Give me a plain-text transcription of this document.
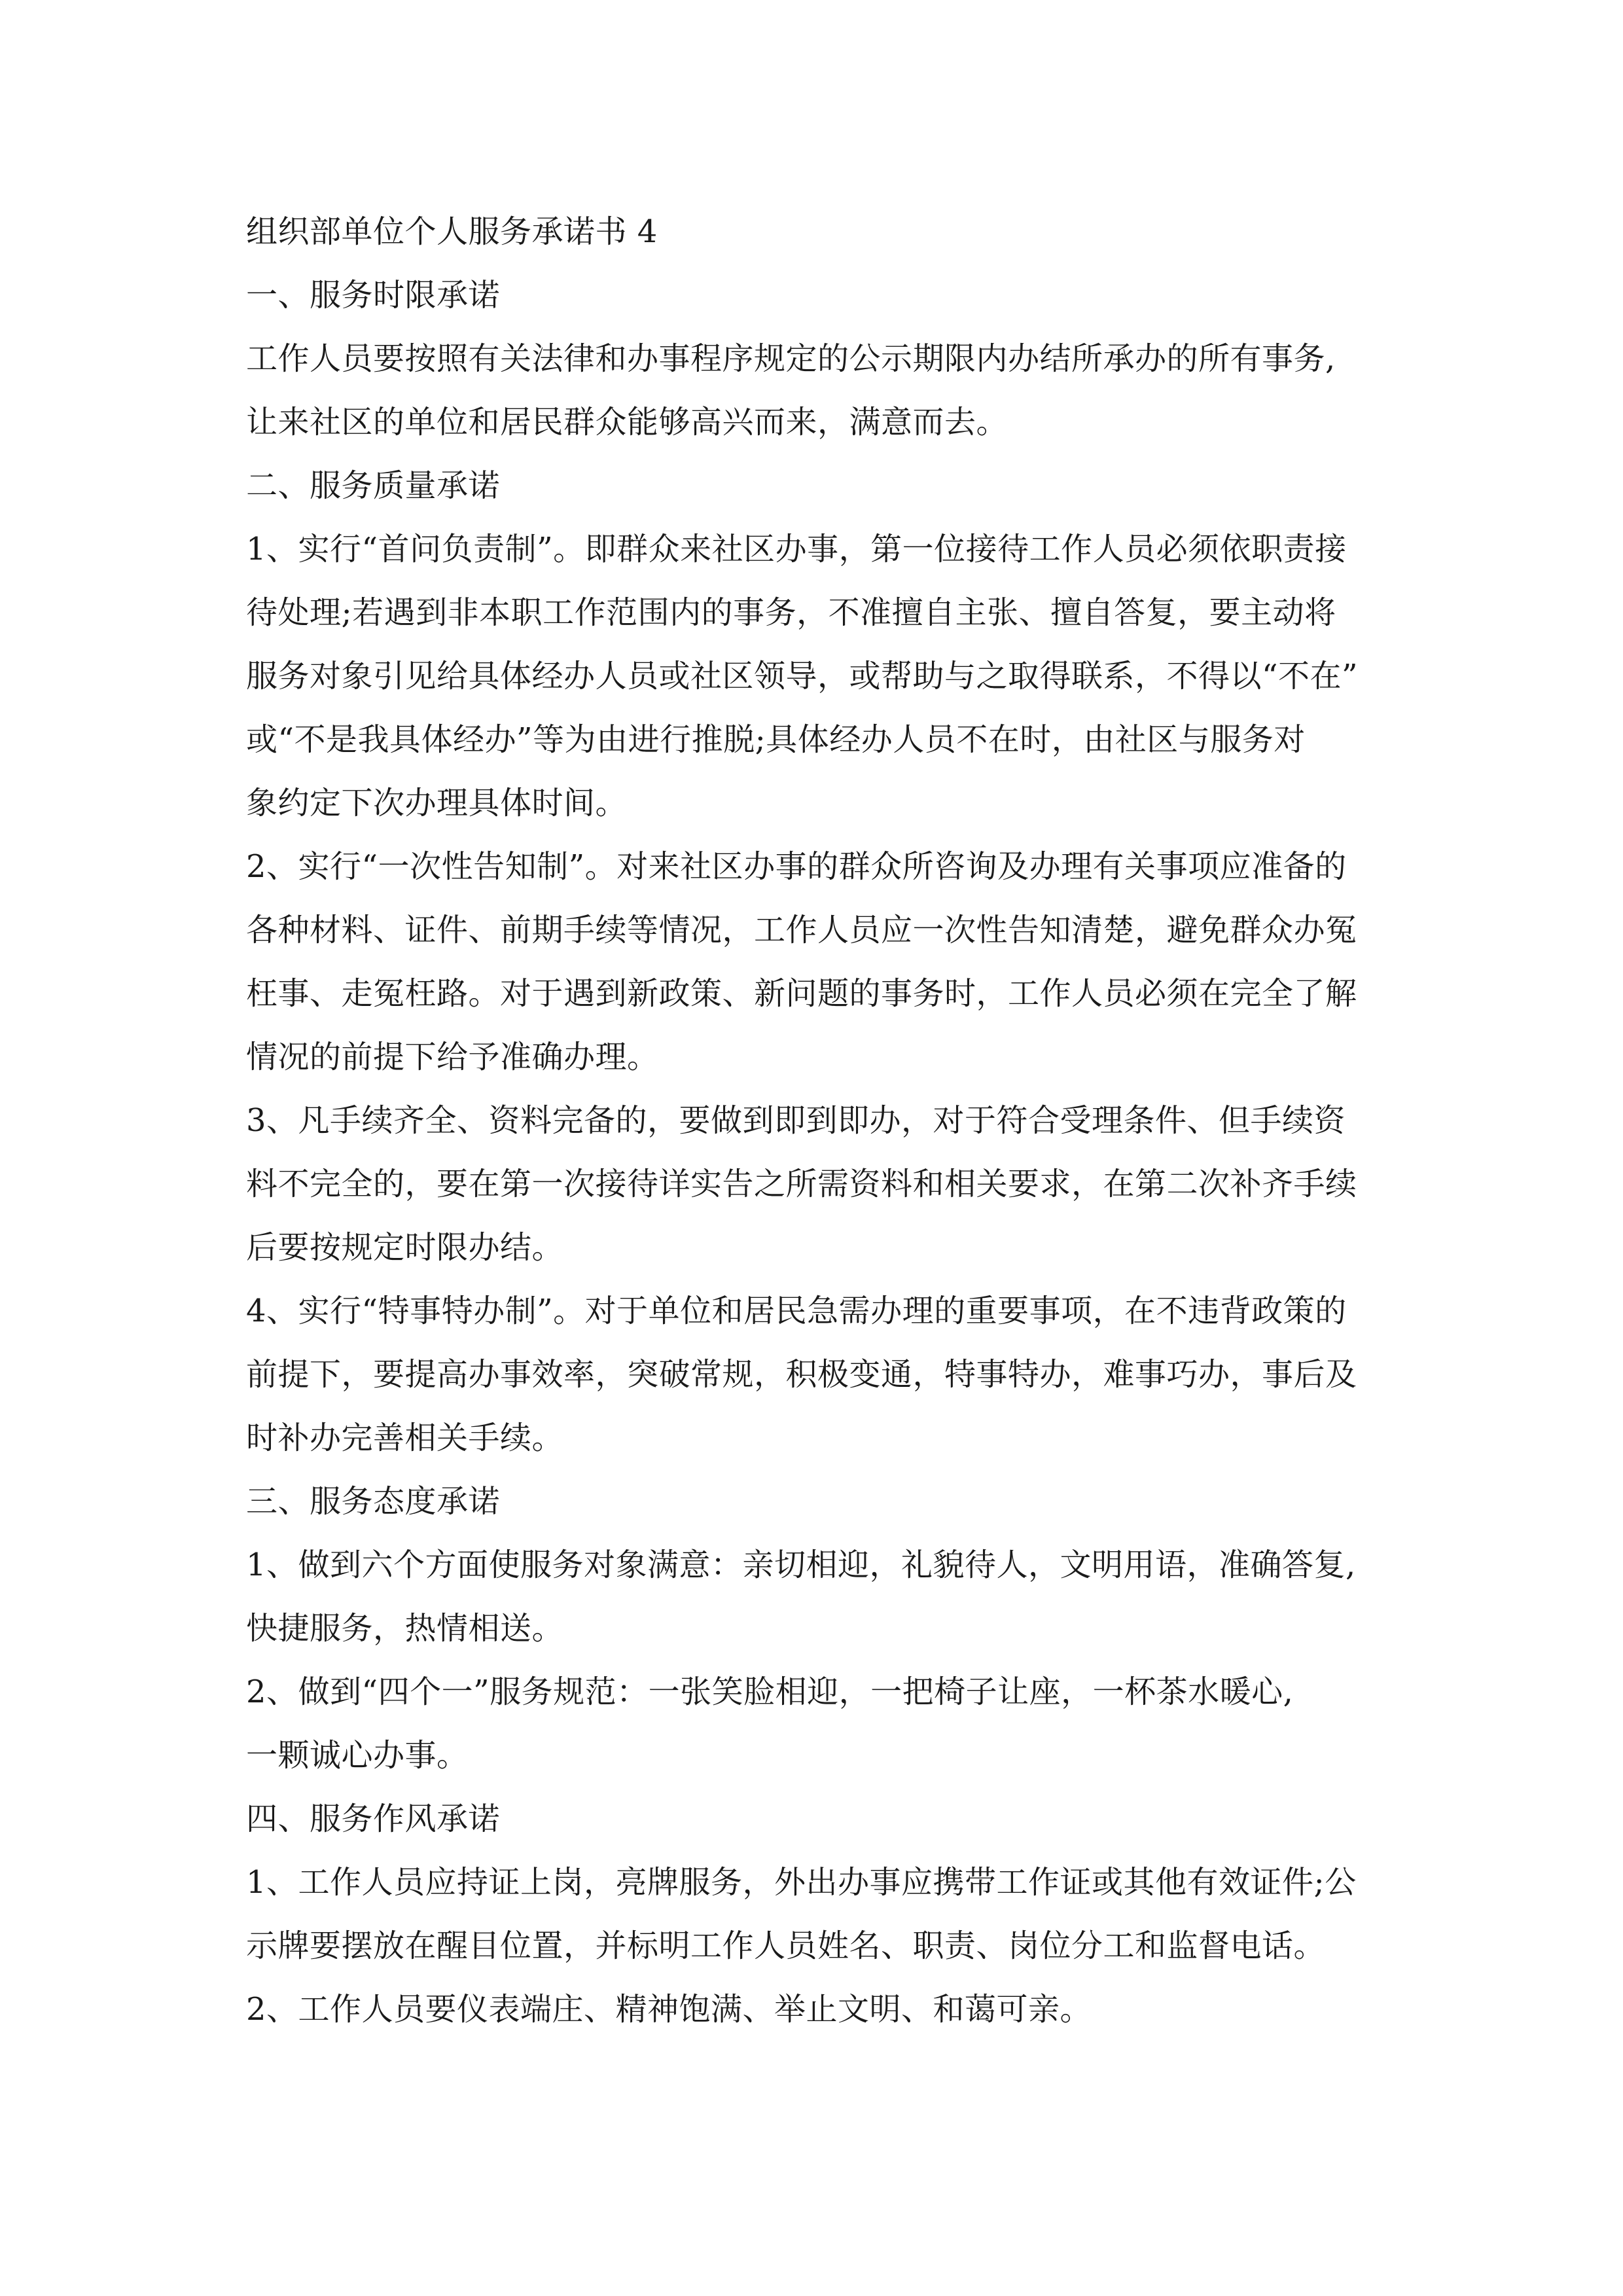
组织部单位个人服务承诺书 4
一、服务时限承诺
工作人员要按照有关法律和办事程序规定的公示期限内办结所承办的所有事务,
让来社区的单位和居民群众能够高兴而来，满意而去。
二、服务质量承诺
1、实行“首问负责制”。即群众来社区办事，第一位接待工作人员必须依职责接
待处理;若遇到非本职工作范围内的事务，不准擅自主张、擅自答复，要主动将
服务对象引见给具体经办人员或社区领导，或帮助与之取得联系，不得以“不在”
或“不是我具体经办”等为由进行推脱;具体经办人员不在时，由社区与服务对
象约定下次办理具体时间。
2、实行“一次性告知制”。对来社区办事的群众所咨询及办理有关事项应准备的
各种材料、证件、前期手续等情况，工作人员应一次性告知清楚，避免群众办冤
枉事、走冤枉路。对于遇到新政策、新问题的事务时，工作人员必须在完全了解
情况的前提下给予准确办理。
3、凡手续齐全、资料完备的，要做到即到即办，对于符合受理条件、但手续资
料不完全的，要在第一次接待详实告之所需资料和相关要求，在第二次补齐手续
后要按规定时限办结。
4、实行“特事特办制”。对于单位和居民急需办理的重要事项，在不违背政策的
前提下，要提高办事效率，突破常规，积极变通，特事特办，难事巧办，事后及
时补办完善相关手续。
三、服务态度承诺
1、做到六个方面使服务对象满意：亲切相迎，礼貌待人，文明用语，准确答复,
快捷服务，热情相送。
2、做到“四个一”服务规范：一张笑脸相迎，一把椅子让座，一杯茶水暖心,
一颗诚心办事。
四、服务作风承诺
1、工作人员应持证上岗，亮牌服务，外出办事应携带工作证或其他有效证件;公
示牌要摆放在醒目位置，并标明工作人员姓名、职责、岗位分工和监督电话。
2、工作人员要仪表端庄、精神饱满、举止文明、和蔼可亲。
